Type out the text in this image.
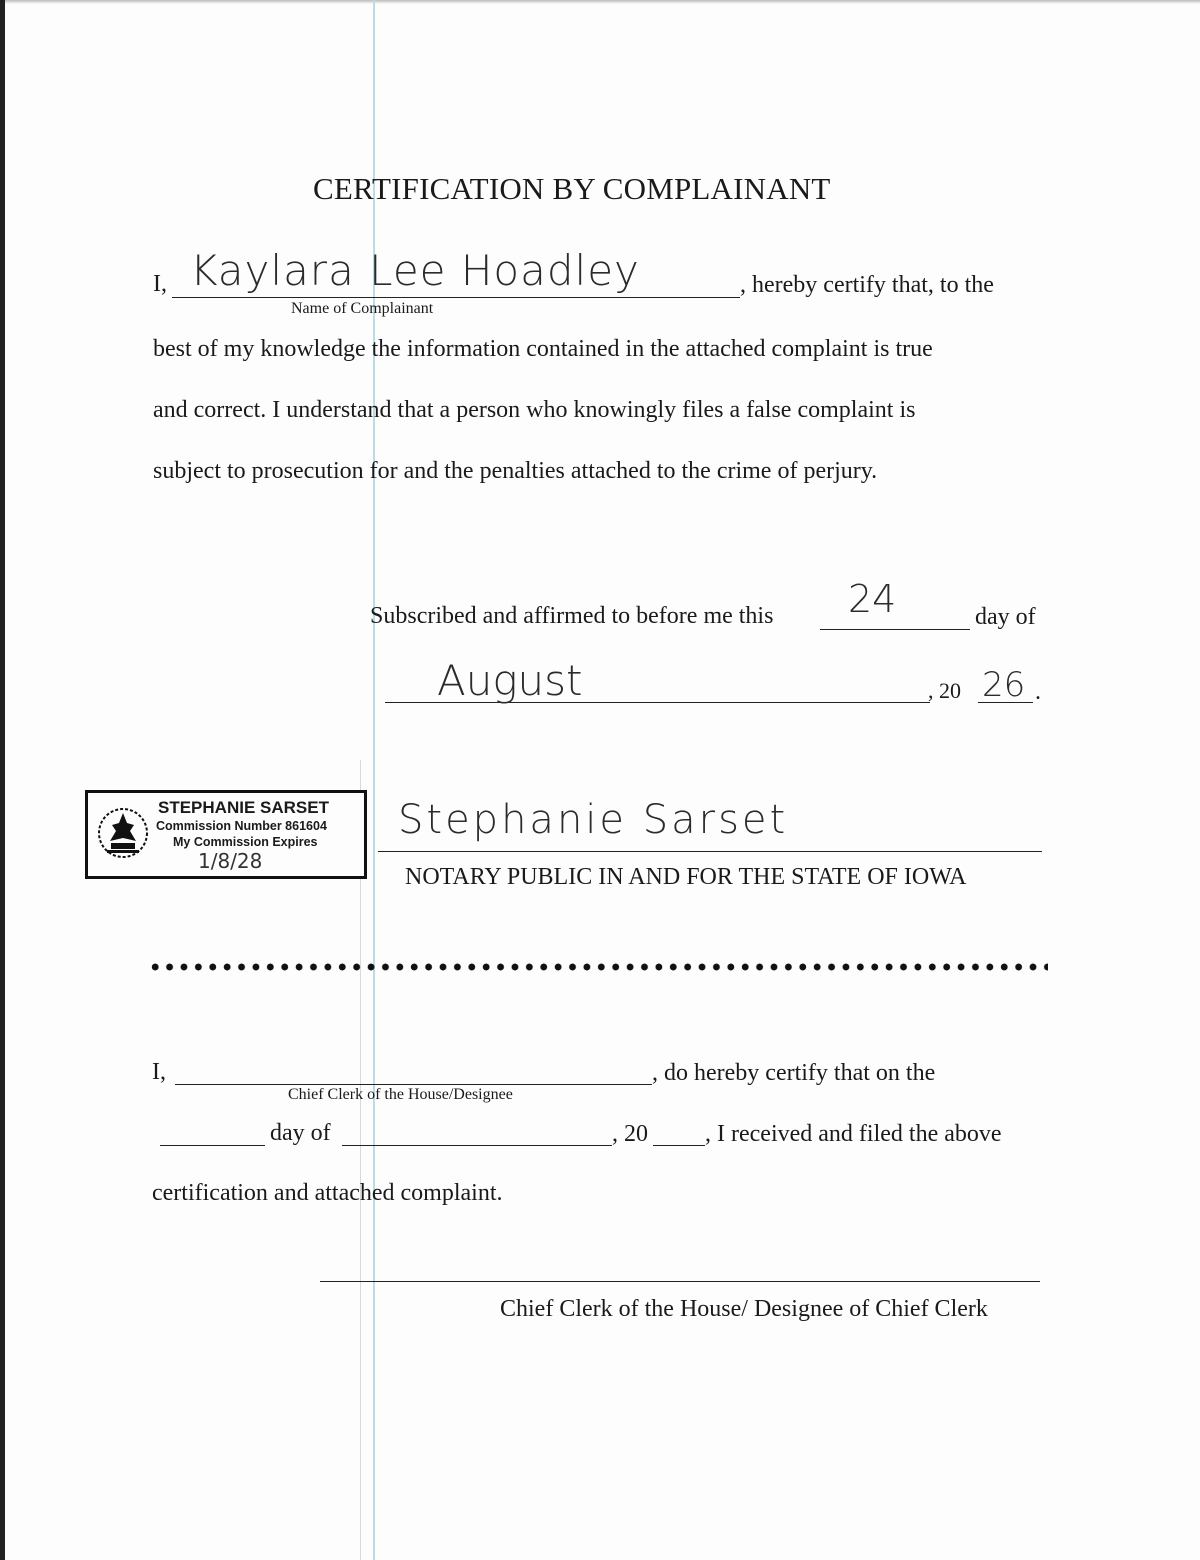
CERTIFICATION BY COMPLAINANT
I, Kaylara Lee Hoadley
Name of Complainant
, hereby certify that, to the
best of my knowledge the information contained in the attached complaint is true
and correct. I understand that a person who knowingly files a false complaint is
subject to prosecution for and the penalties attached to the crime of perjury.
Subscribed and affirmed to before me this 24	day of
August	, 20 26 .
STEPHANIE SARSET
Commission Number 861604
My Commission Expires
1/8/28
Stephanie Sarset
NOTARY PUBLIC IN AND FOR THE STATE OF IOWA
I,	, do hereby certify that on the
Chief Clerk of the House/Designee
day of	, 20 , I received and filed the above
certification and attached complaint.
Chief Clerk of the House/ Designee of Chief Clerk
